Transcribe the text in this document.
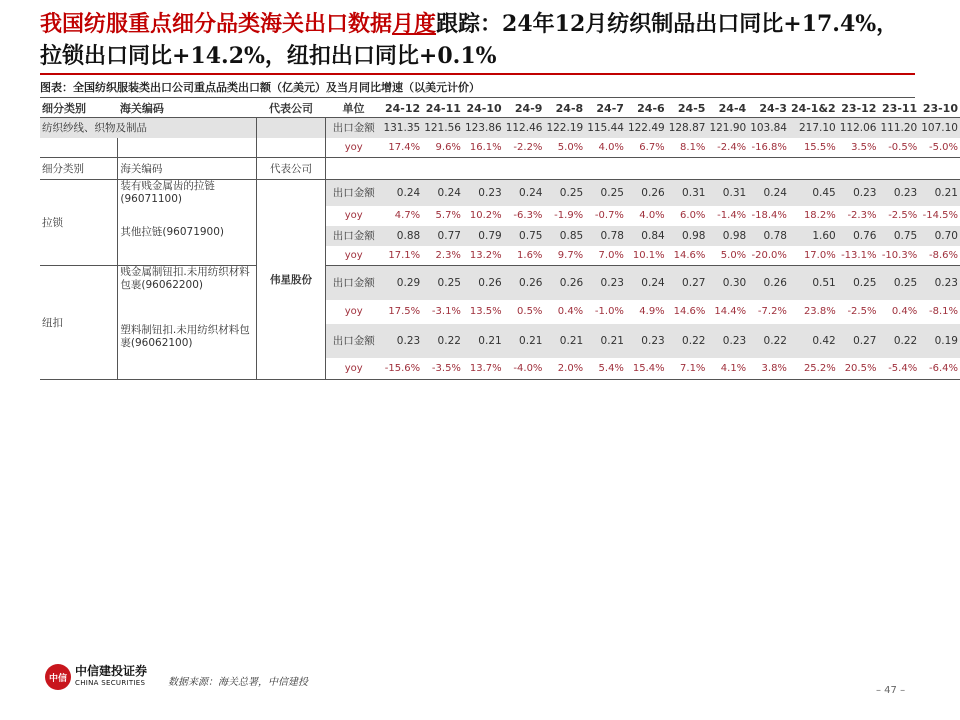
我国纺服重点细分品类海关出口数据月度跟踪：24年12月纺织制品出口同比+17.4%，拉锁出口同比+14.2%，纽扣出口同比+0.1%
图表：全国纺织服装类出口公司重点品类出口额（亿美元）及当月同比增速（以美元计价）
细分类别	海关编码	代表公司	单位	24-12	24-11	24-10	24-9	24-8	24-7	24-6	24-5	24-4	24-3	24-1&2	23-12	23-11	23-10
纺织纱线、织物及制品			出口金额	131.35	121.56	123.86	112.46	122.19	115.44	122.49	128.87	121.90	103.84	217.10	112.06	111.20	107.10
			yoy	17.4%	9.6%	16.1%	-2.2%	5.0%	4.0%	6.7%	8.1%	-2.4%	-16.8%	15.5%	3.5%	-0.5%	-5.0%
细分类别	海关编码	代表公司															
拉锁	装有贱金属齿的拉链(96071100)	伟星股份	出口金额	0.24	0.24	0.23	0.24	0.25	0.25	0.26	0.31	0.31	0.24	0.45	0.23	0.23	0.21
			yoy	4.7%	5.7%	10.2%	-6.3%	-1.9%	-0.7%	4.0%	6.0%	-1.4%	-18.4%	18.2%	-2.3%	-2.5%	-14.5%
	其他拉链(96071900)		出口金额	0.88	0.77	0.79	0.75	0.85	0.78	0.84	0.98	0.98	0.78	1.60	0.76	0.75	0.70
			yoy	17.1%	2.3%	13.2%	1.6%	9.7%	7.0%	10.1%	14.6%	5.0%	-20.0%	17.0%	-13.1%	-10.3%	-8.6%
纽扣	贱金属制钮扣.未用纺织材料包裹(96062200)		出口金额	0.29	0.25	0.26	0.26	0.26	0.23	0.24	0.27	0.30	0.26	0.51	0.25	0.25	0.23
			yoy	17.5%	-3.1%	13.5%	0.5%	0.4%	-1.0%	4.9%	14.6%	14.4%	-7.2%	23.8%	-2.5%	0.4%	-8.1%
	塑料制钮扣.未用纺织材料包裹(96062100)		出口金额	0.23	0.22	0.21	0.21	0.21	0.21	0.23	0.22	0.23	0.22	0.42	0.27	0.22	0.19
			yoy	-15.6%	-3.5%	13.7%	-4.0%	2.0%	5.4%	15.4%	7.1%	4.1%	3.8%	25.2%	20.5%	-5.4%	-6.4%
中信
中信建投证券
CHINA SECURITIES 数据来源：海关总署，中信建投
– 47 –
